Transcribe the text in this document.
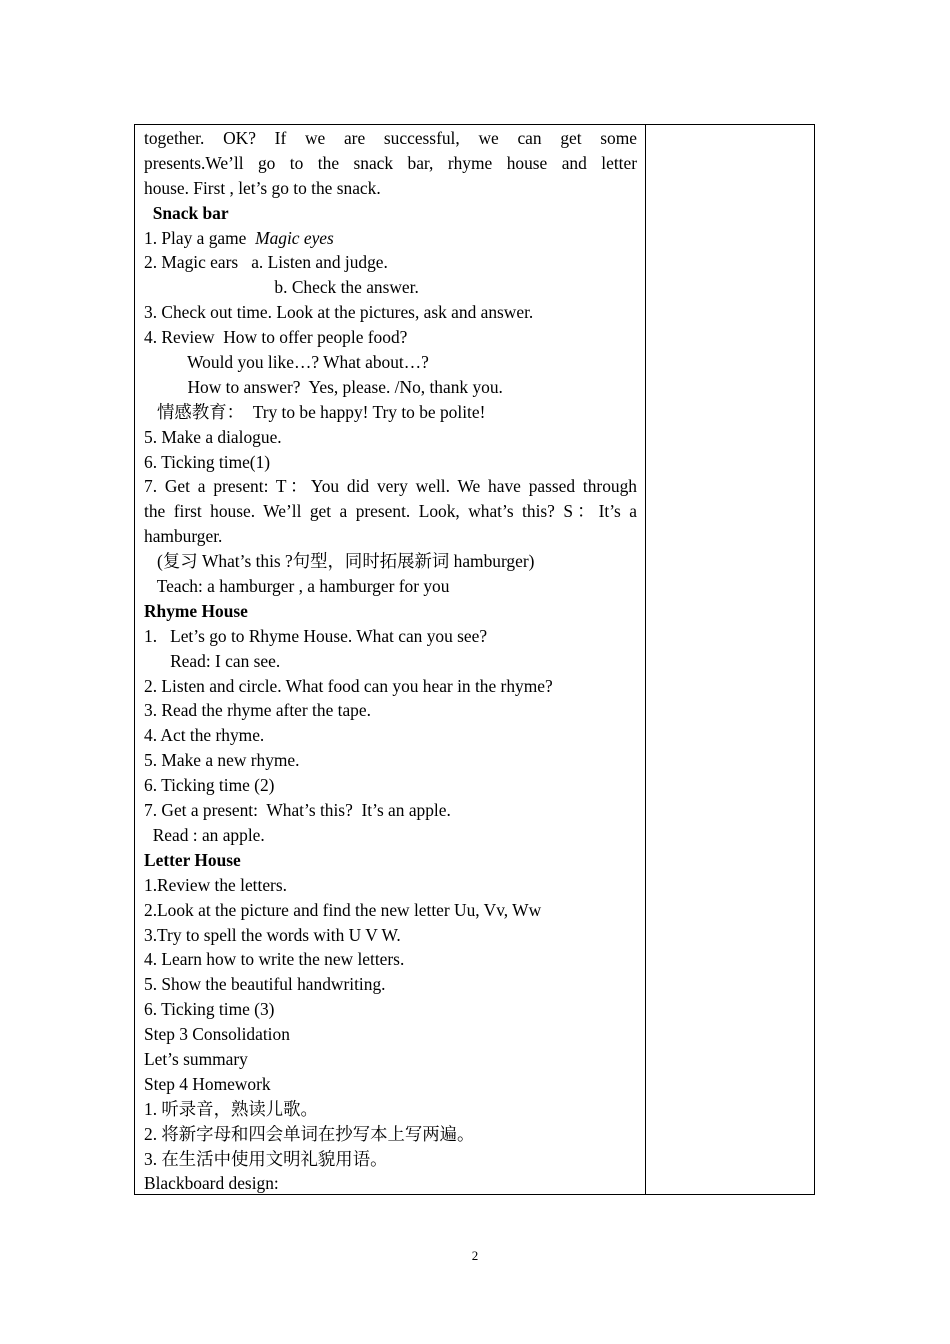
together. OK? If we are successful, we can get some
presents.We’ll go to the snack bar, rhyme house and letter
house. First , let’s go to the snack.
Snack bar
1. Play a game  Magic eyes
2. Magic ears   a. Listen and judge.
b. Check the answer.
3. Check out time. Look at the pictures, ask and answer.
4. Review  How to offer people food?
Would you like…? What about…?
How to answer?  Yes, please. /No, thank you.
情感教育：  Try to be happy! Try to be polite!
5. Make a dialogue.
6. Ticking time(1)
7. Get a present: T：You did very well. We have passed through
the first house. We’ll get a present. Look, what’s this? S：It’s a
hamburger.
(复习 What’s this ?句型，同时拓展新词 hamburger)
Teach: a hamburger , a hamburger for you
Rhyme House
1.   Let’s go to Rhyme House. What can you see?
Read: I can see.
2. Listen and circle. What food can you hear in the rhyme?
3. Read the rhyme after the tape.
4. Act the rhyme.
5. Make a new rhyme.
6. Ticking time (2)
7. Get a present:  What’s this?  It’s an apple.
Read : an apple.
Letter House
1.Review the letters.
2.Look at the picture and find the new letter Uu, Vv, Ww
3.Try to spell the words with U V W.
4. Learn how to write the new letters.
5. Show the beautiful handwriting.
6. Ticking time (3)
Step 3 Consolidation
Let’s summary
Step 4 Homework
1. 听录音，熟读儿歌。
2. 将新字母和四会单词在抄写本上写两遍。
3. 在生活中使用文明礼貌用语。
Blackboard design:
2
